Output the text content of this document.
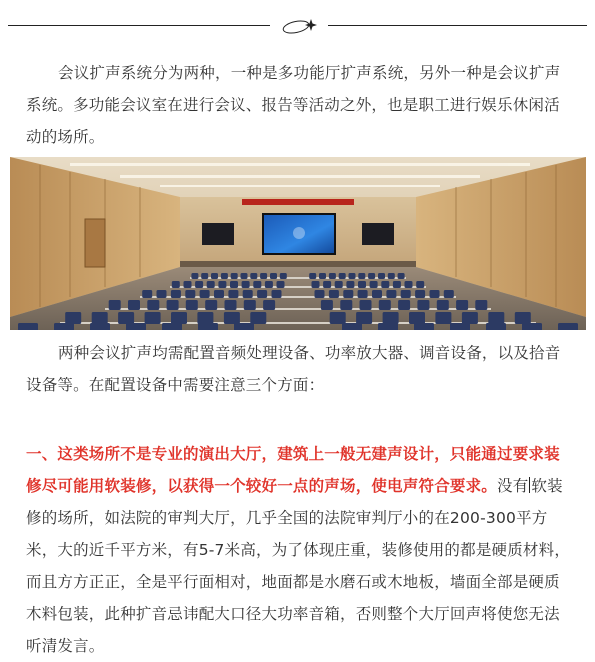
会议扩声系统分为两种，一种是多功能厅扩声系统，另外一种是会议扩声系统。多功能会议室在进行会议、报告等活动之外，也是职工进行娱乐休闲活动的场所。

两种会议扩声均需配置音频处理设备、功率放大器、调音设备，以及拾音设备等。在配置设备中需要注意三个方面：

一、这类场所不是专业的演出大厅，建筑上一般无建声设计，只能通过要求装修尽可能用软装修，以获得一个较好一点的声场，使电声符合要求。没有 软装修的场所，如法院的审判大厅，几乎全国的法院审判厅小的在200-300平方米，大的近千平方米，有5-7米高，为了体现庄重，装修使用的都是硬质材料，而且方方正正，全是平行面相对，地面都是水磨石或木地板，墙面全部是硬质木料包装，此种扩音忌讳配大口径大功率音箱，否则整个大厅回声将使您无法听清发言。
